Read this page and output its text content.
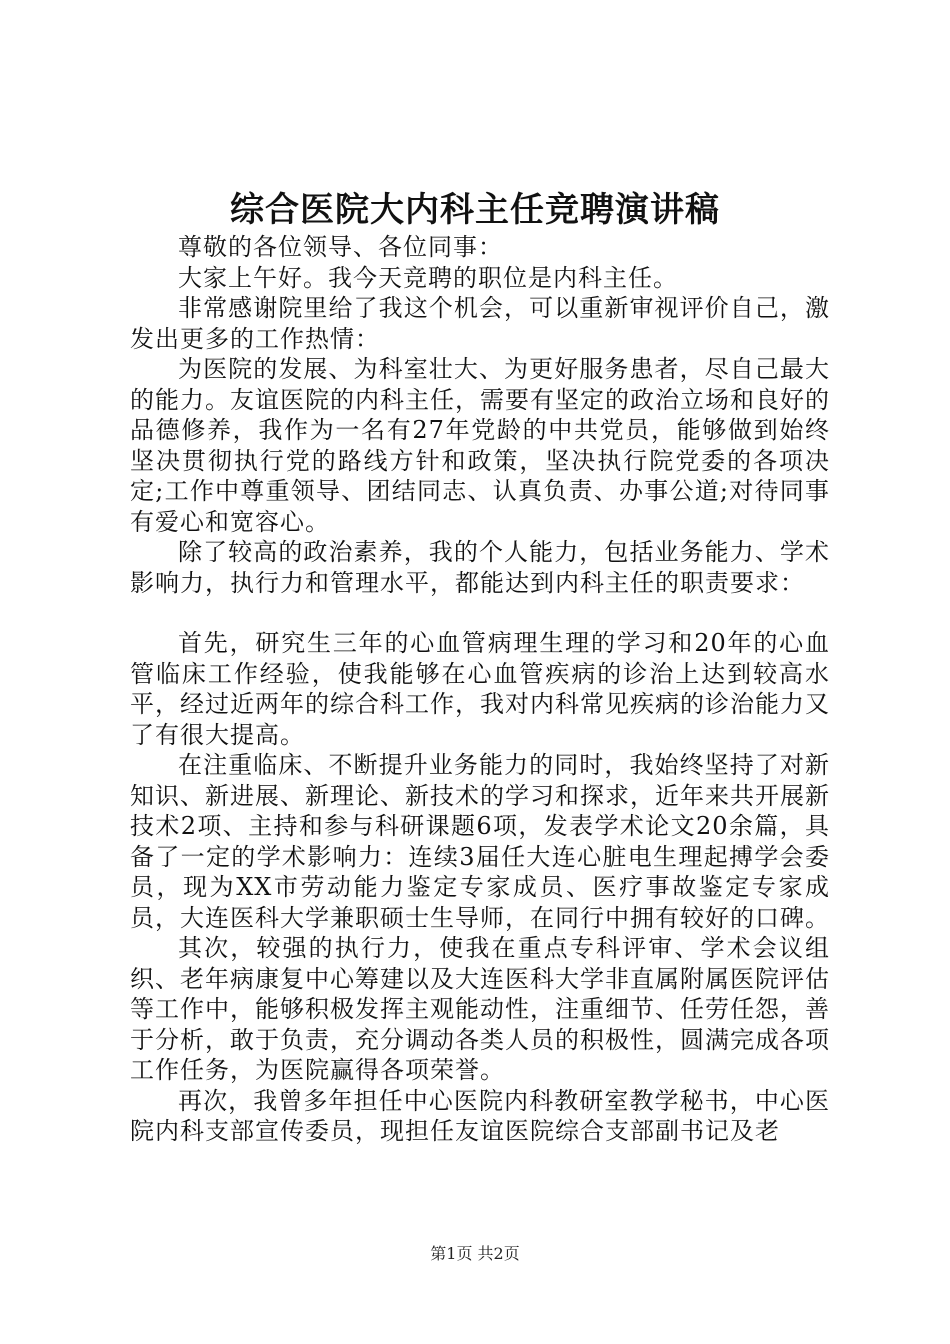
综合医院大内科主任竞聘演讲稿

尊敬的各位领导、各位同事：

大家上午好。我今天竞聘的职位是内科主任。

非常感谢院里给了我这个机会，可以重新审视评价自己，激发出更多的工作热情：

为医院的发展、为科室壮大、为更好服务患者，尽自己最大的能力。友谊医院的内科主任，需要有坚定的政治立场和良好的品德修养，我作为一名有27年党龄的中共党员，能够做到始终坚决贯彻执行党的路线方针和政策，坚决执行院党委的各项决定;工作中尊重领导、团结同志、认真负责、办事公道;对待同事有爱心和宽容心。

除了较高的政治素养，我的个人能力，包括业务能力、学术影响力，执行力和管理水平，都能达到内科主任的职责要求：

首先，研究生三年的心血管病理生理的学习和20年的心血管临床工作经验，使我能够在心血管疾病的诊治上达到较高水平，经过近两年的综合科工作，我对内科常见疾病的诊治能力又了有很大提高。

在注重临床、不断提升业务能力的同时，我始终坚持了对新知识、新进展、新理论、新技术的学习和探求，近年来共开展新技术2项、主持和参与科研课题6项，发表学术论文20余篇，具备了一定的学术影响力：连续3届任大连心脏电生理起搏学会委员，现为XX市劳动能力鉴定专家成员、医疗事故鉴定专家成员，大连医科大学兼职硕士生导师，在同行中拥有较好的口碑。

其次，较强的执行力，使我在重点专科评审、学术会议组织、老年病康复中心筹建以及大连医科大学非直属附属医院评估等工作中，能够积极发挥主观能动性，注重细节、任劳任怨，善于分析，敢于负责，充分调动各类人员的积极性，圆满完成各项工作任务，为医院赢得各项荣誉。

再次，我曾多年担任中心医院内科教研室教学秘书，中心医院内科支部宣传委员，现担任友谊医院综合支部副书记及老

第1页 共2页
